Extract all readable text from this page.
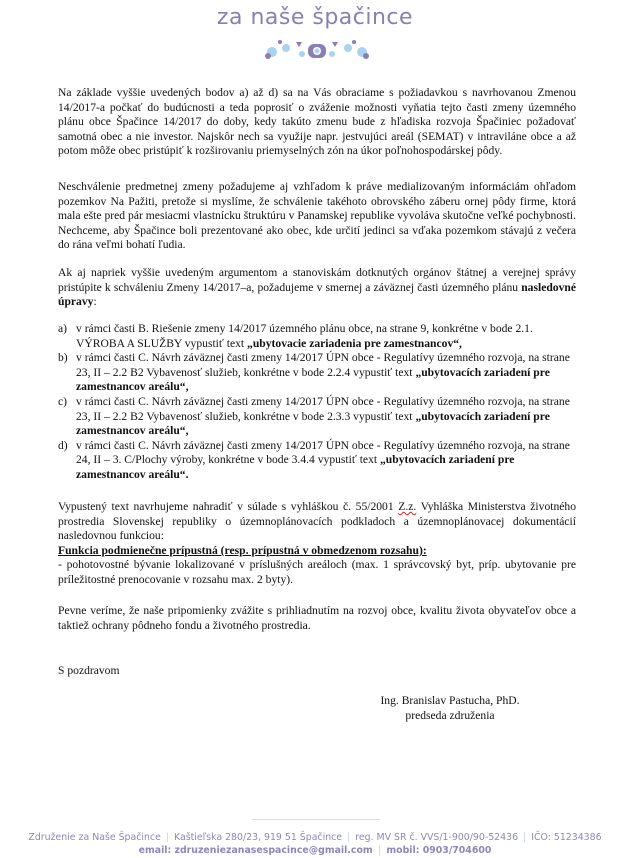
za naše špačince

Na základe vyššie uvedených bodov a) až d) sa na Vás obraciame s požiadavkou s navrhovanou Zmenou 14/2017-a počkať do budúcnosti a teda poprosiť o zváženie možnosti vyňatia tejto časti zmeny územného plánu obce Špačince 14/2017 do doby, kedy takúto zmenu bude z hľadiska rozvoja Špačiniec požadovať samotná obec a nie investor. Najskôr nech sa využije napr. jestvujúci areál (SEMAT) v intraviláne obce a až potom môže obec pristúpiť k rozširovaniu priemyselných zón na úkor poľnohospodárskej pôdy.

Neschválenie predmetnej zmeny požadujeme aj vzhľadom k práve medializovaným informáciám ohľadom pozemkov Na Pažiti, pretože si myslíme, že schválenie takéhoto obrovského záberu ornej pôdy firme, ktorá mala ešte pred pár mesiacmi vlastnícku štruktúru v Panamskej republike vyvoláva skutočne veľké pochybnosti. Nechceme, aby Špačince boli prezentované ako obec, kde určití jedinci sa vďaka pozemkom stávajú z večera do rána veľmi bohatí ľudia.

Ak aj napriek vyššie uvedeným argumentom a stanoviskám dotknutých orgánov štátnej a verejnej správy pristúpite k schváleniu Zmeny 14/2017–a, požadujeme v smernej a záväznej časti územného plánu nasledovné úpravy:

a) v rámci časti B. Riešenie zmeny 14/2017 územného plánu obce, na strane 9, konkrétne v bode 2.1. VÝROBA A SLUŽBY vypustiť text „ubytovacie zariadenia pre zamestnancov“,
b) v rámci časti C. Návrh záväznej časti zmeny 14/2017 ÚPN obce - Regulatívy územného rozvoja, na strane 23, II – 2.2 B2 Vybavenosť služieb, konkrétne v bode 2.2.4 vypustiť text „ubytovacích zariadení pre zamestnancov areálu“,
c) v rámci časti C. Návrh záväznej časti zmeny 14/2017 ÚPN obce - Regulatívy územného rozvoja, na strane 23, II – 2.2 B2 Vybavenosť služieb, konkrétne v bode 2.3.3 vypustiť text „ubytovacích zariadení pre zamestnancov areálu“,
d) v rámci časti C. Návrh záväznej časti zmeny 14/2017 ÚPN obce - Regulatívy územného rozvoja, na strane 24, II – 3. C/Plochy výroby, konkrétne v bode 3.4.4 vypustiť text „ubytovacích zariadení pre zamestnancov areálu“.

Vypustený text navrhujeme nahradiť v súlade s vyhláškou č. 55/2001 Z.z. Vyhláška Ministerstva životného prostredia Slovenskej republiky o územnoplánovacích podkladoch a územnoplánovacej dokumentácií nasledovnou funkciou:

Funkcia podmienečne prípustná (resp. prípustná v obmedzenom rozsahu):

- pohotovostné bývanie lokalizované v príslušných areáloch (max. 1 správcovský byt, príp. ubytovanie pre príležitostné prenocovanie v rozsahu max. 2 byty).

Pevne veríme, že naše pripomienky zvážite s prihliadnutím na rozvoj obce, kvalitu života obyvateľov obce a taktiež ochrany pôdneho fondu a životného prostredia.

S pozdravom

Ing. Branislav Pastucha, PhD.
predseda združenia
Združenie za Naše Špačince | Kaštieľska 280/23, 919 51 Špačince | reg. MV SR č. VVS/1-900/90-52436 | IČO: 51234386
email: zdruzeniezanasespacince@gmail.com | mobil: 0903/704600
